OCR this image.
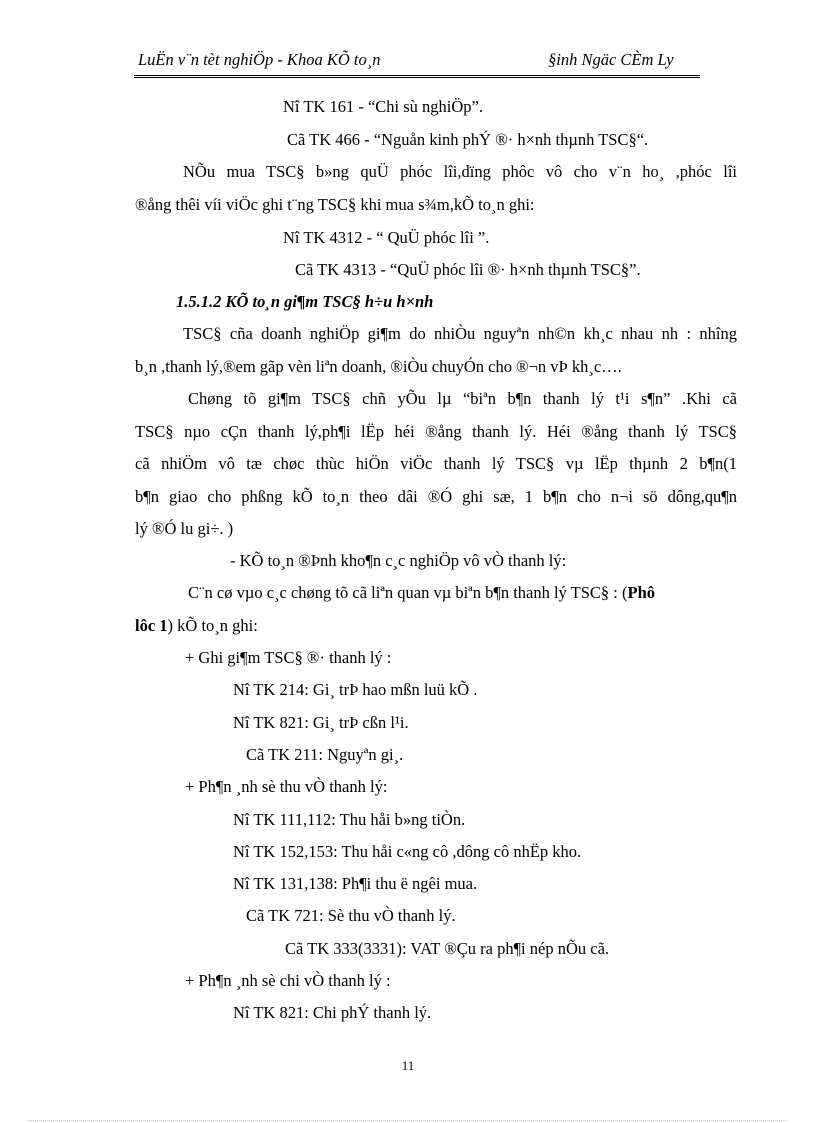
LuËn v¨n tèt nghiÖp - Khoa KÕ to¸n	§inh Ngäc CÈm Ly
Nî TK 161 - “Chi sù nghiÖp”.
Cã TK 466 - “Nguån kinh phÝ ®· h×nh thµnh TSC§“.
NÕu mua TSC§ b»ng quÜ phóc lîi,dïng phôc vô cho v¨n ho¸ ,phóc lîi
®ång thêi víi viÖc ghi t¨ng TSC§ khi mua s¾m,kÕ to¸n ghi:
Nî TK 4312 - “ QuÜ phóc lîi ”.
Cã TK 4313 - “QuÜ phóc lîi ®· h×nh thµnh TSC§”.
1.5.1.2 KÕ to¸n gi¶m TSC§ h÷u h×nh
TSC§ cña doanh nghiÖp gi¶m do nhiÒu nguyªn nh©n kh¸c nhau nh : nhîng
b¸n ,thanh lý,®em gãp vèn liªn doanh, ®iÒu chuyÓn cho ®¬n vÞ kh¸c….
Chøng tõ gi¶m TSC§ chñ yÕu lµ “biªn b¶n thanh lý t¹i s¶n” .Khi cã
TSC§ nµo cÇn thanh lý,ph¶i lËp héi ®ång thanh lý. Héi ®ång thanh lý TSC§
cã nhiÖm vô tæ chøc thùc hiÖn viÖc thanh lý TSC§ vµ lËp thµnh 2 b¶n(1
b¶n giao cho phßng kÕ to¸n theo dâi ®Ó ghi sæ, 1 b¶n cho n¬i sö dông,qu¶n
lý ®Ó lu gi÷. )
- KÕ to¸n ®Þnh kho¶n c¸c nghiÖp vô vÒ thanh lý:
C¨n cø vµo c¸c chøng tõ cã liªn quan vµ biªn b¶n thanh lý TSC§ : (Phô
lôc 1) kÕ to¸n ghi:
+ Ghi gi¶m TSC§ ®· thanh lý :
Nî TK 214: Gi¸ trÞ hao mßn luü kÕ .
Nî TK 821: Gi¸ trÞ cßn l¹i.
Cã TK 211: Nguyªn gi¸.
+ Ph¶n ¸nh sè thu vÒ thanh lý:
Nî TK 111,112: Thu håi b»ng tiÒn.
Nî TK 152,153: Thu håi c«ng cô ,dông cô nhËp kho.
Nî TK 131,138: Ph¶i thu ë ngêi mua.
Cã TK 721: Sè thu vÒ thanh lý.
Cã TK 333(3331): VAT ®Çu ra ph¶i nép nÕu cã.
+ Ph¶n ¸nh sè chi vÒ thanh lý :
Nî TK 821: Chi phÝ thanh lý.
11
